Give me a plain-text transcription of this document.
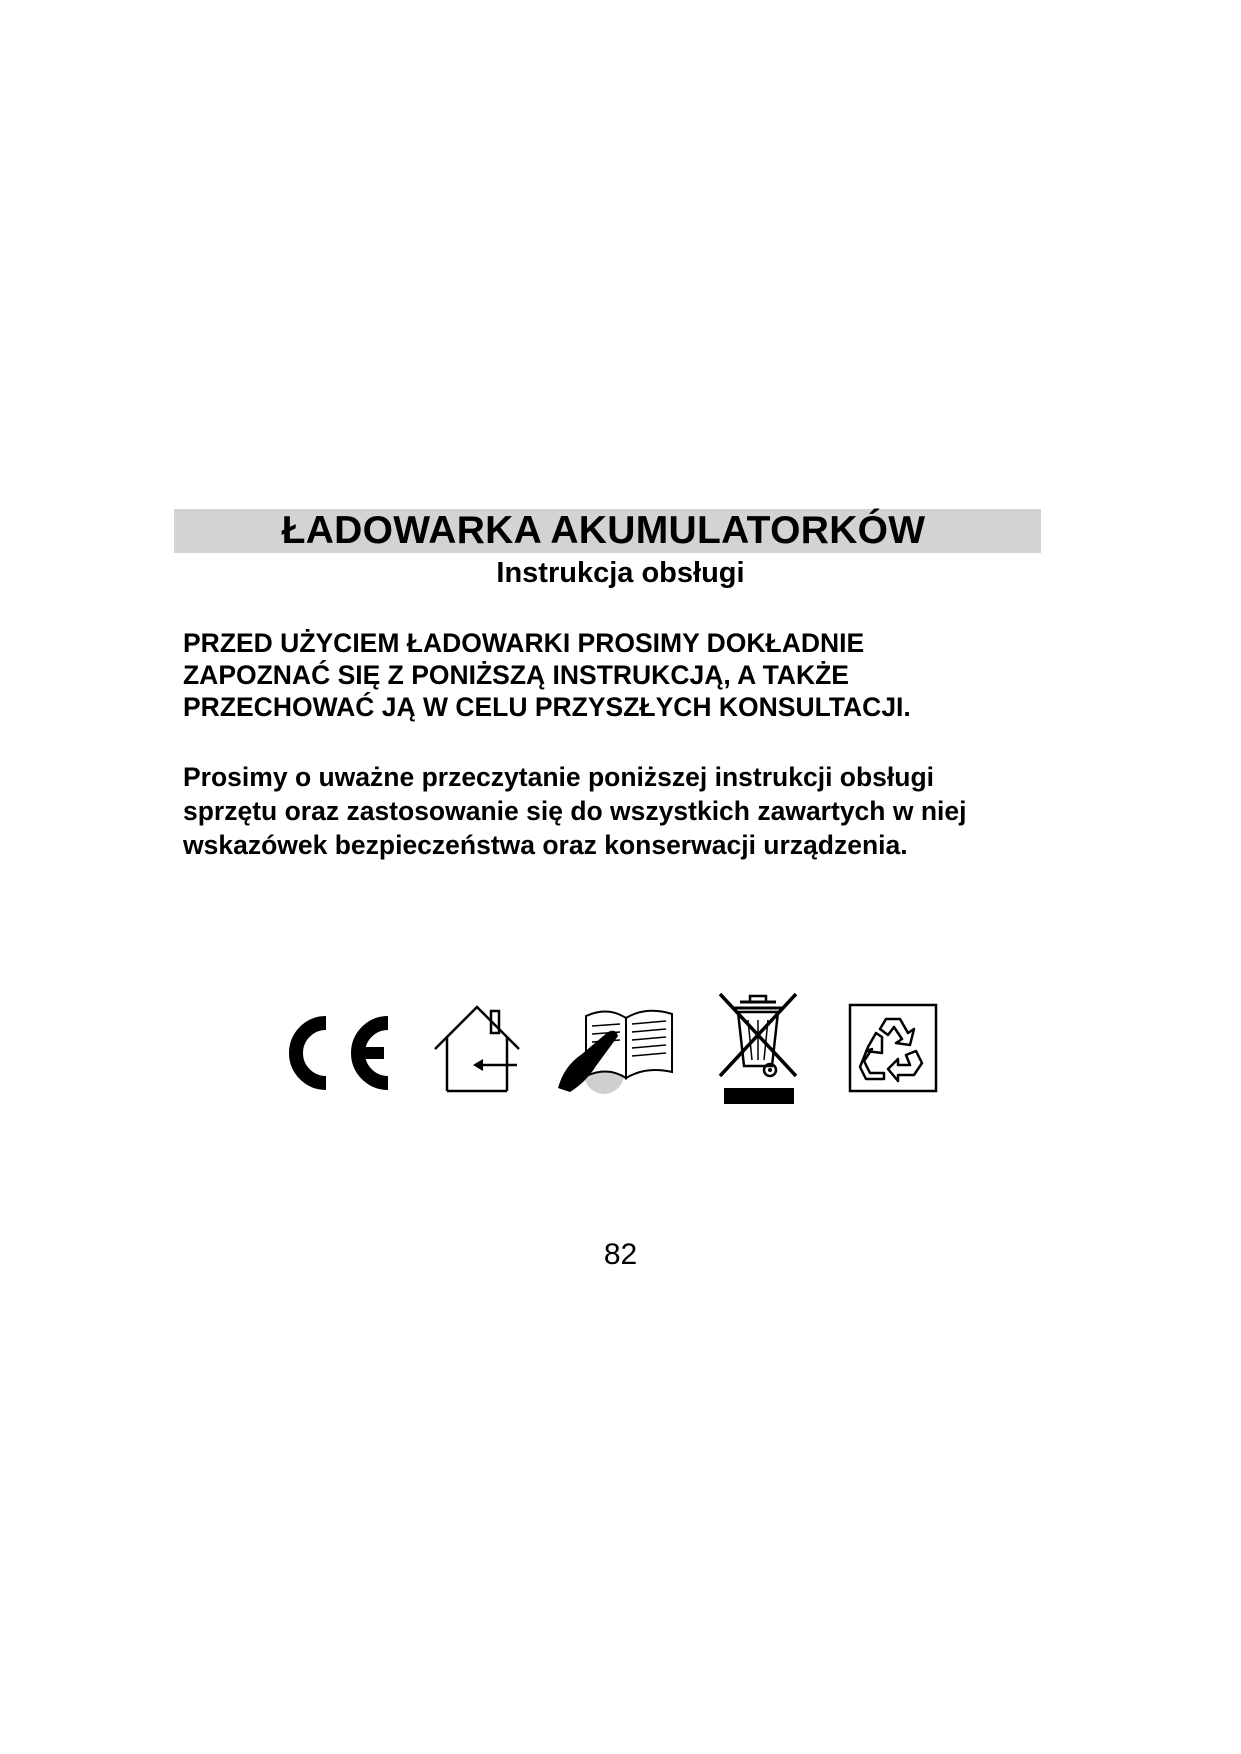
ŁADOWARKA AKUMULATORKÓW
Instrukcja obsługi
PRZED UŻYCIEM ŁADOWARKI PROSIMY DOKŁADNIE
ZAPOZNAĆ SIĘ Z PONIŻSZĄ INSTRUKCJĄ, A TAKŻE
PRZECHOWAĆ JĄ W CELU PRZYSZŁYCH KONSULTACJI.
Prosimy o uważne przeczytanie poniższej instrukcji obsługi
sprzętu oraz zastosowanie się do wszystkich zawartych w niej
wskazówek bezpieczeństwa oraz konserwacji urządzenia.
82
